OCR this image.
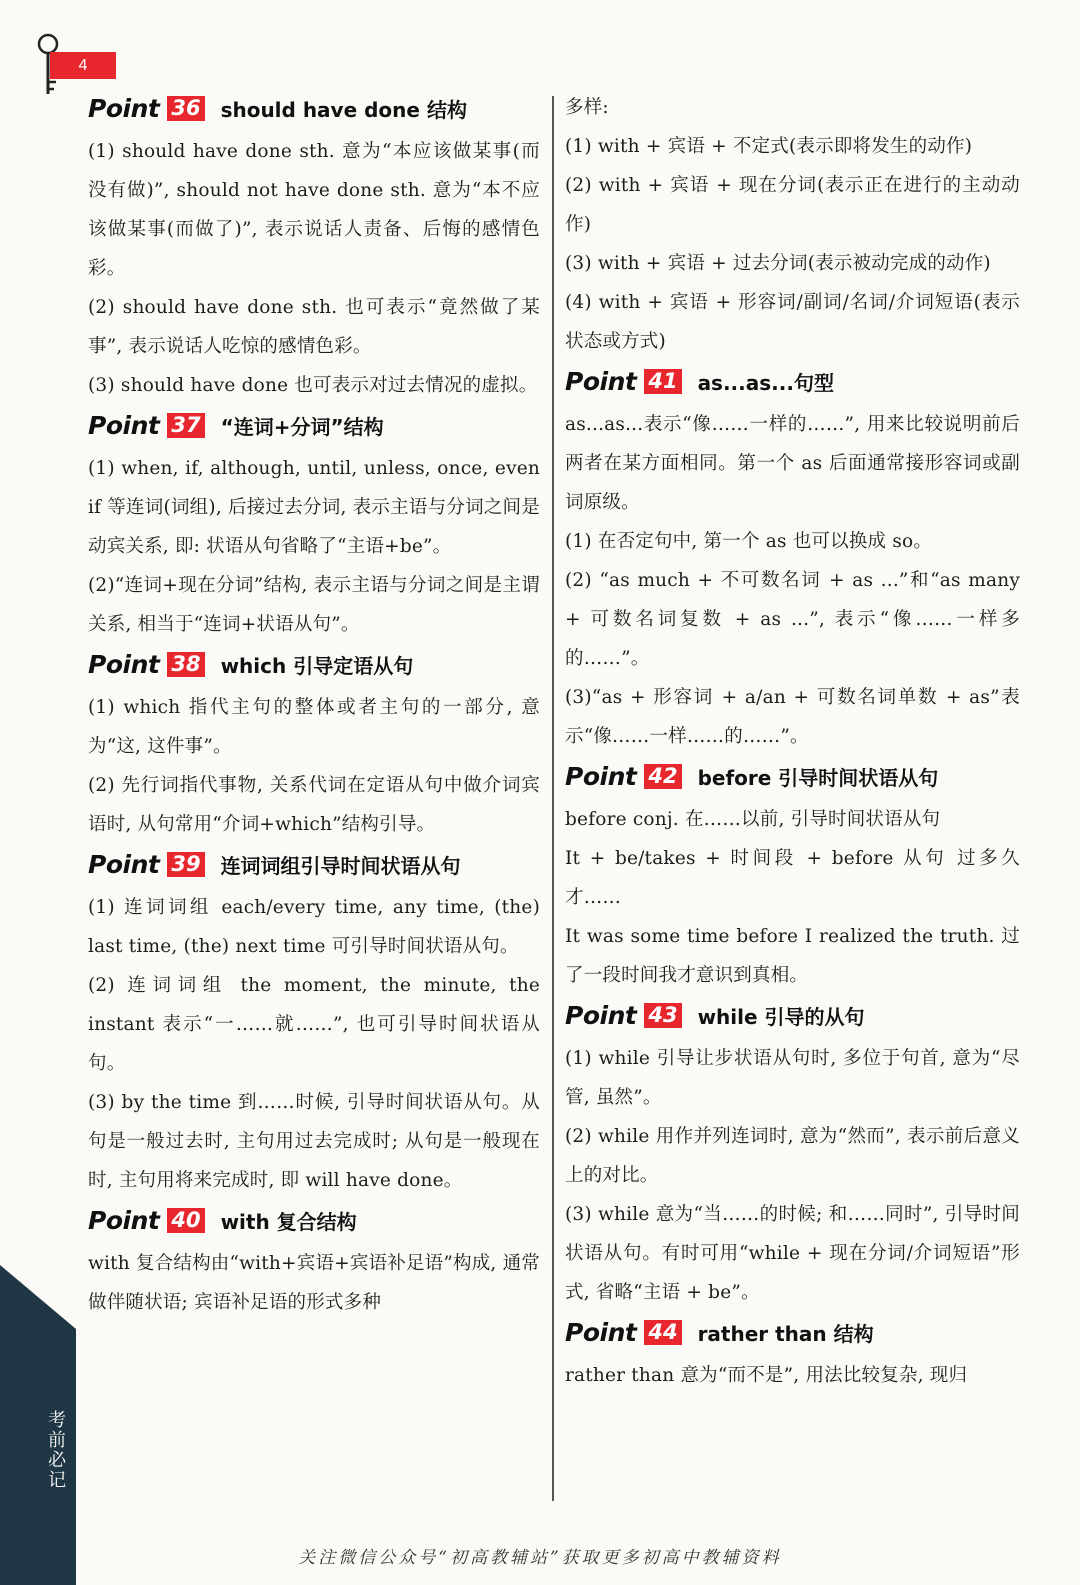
4
Point 36 should have done 结构

(1) should have done sth. 意为“本应该做某事(而没有做)”, should not have done sth. 意为“本不应该做某事(而做了)”, 表示说话人责备、后悔的感情色彩。

(2) should have done sth. 也可表示“竟然做了某事”, 表示说话人吃惊的感情色彩。

(3) should have done 也可表示对过去情况的虚拟。

Point 37 “连词+分词”结构

(1) when, if, although, until, unless, once, even if 等连词(词组), 后接过去分词, 表示主语与分词之间是动宾关系, 即: 状语从句省略了“主语+be”。

(2)“连词+现在分词”结构, 表示主语与分词之间是主谓关系, 相当于“连词+状语从句”。

Point 38 which 引导定语从句

(1) which 指代主句的整体或者主句的一部分, 意为“这, 这件事”。

(2) 先行词指代事物, 关系代词在定语从句中做介词宾语时, 从句常用“介词+which”结构引导。

Point 39 连词词组引导时间状语从句

(1) 连词词组 each/every time, any time, (the) last time, (the) next time 可引导时间状语从句。

(2) 连词词组 the moment, the minute, the instant 表示“一……就……”, 也可引导时间状语从句。

(3) by the time 到……时候, 引导时间状语从句。从句是一般过去时, 主句用过去完成时; 从句是一般现在时, 主句用将来完成时, 即 will have done。

Point 40 with 复合结构

with 复合结构由“with+宾语+宾语补足语”构成, 通常做伴随状语; 宾语补足语的形式多种

多样:

(1) with + 宾语 + 不定式(表示即将发生的动作)

(2) with + 宾语 + 现在分词(表示正在进行的主动动作)

(3) with + 宾语 + 过去分词(表示被动完成的动作)

(4) with + 宾语 + 形容词/副词/名词/介词短语(表示状态或方式)

Point 41 as...as...句型

as...as...表示“像……一样的……”, 用来比较说明前后两者在某方面相同。第一个 as 后面通常接形容词或副词原级。

(1) 在否定句中, 第一个 as 也可以换成 so。

(2) “as much + 不可数名词 + as ...”和“as many + 可数名词复数 + as ...”, 表示“像……一样多的……”。

(3)“as + 形容词 + a/an + 可数名词单数 + as”表示“像……一样……的……”。

Point 42 before 引导时间状语从句

before conj. 在……以前, 引导时间状语从句

It + be/takes + 时间段 + before 从句 过多久才……

It was some time before I realized the truth. 过了一段时间我才意识到真相。

Point 43 while 引导的从句

(1) while 引导让步状语从句时, 多位于句首, 意为“尽管, 虽然”。

(2) while 用作并列连词时, 意为“然而”, 表示前后意义上的对比。

(3) while 意为“当……的时候; 和……同时”, 引导时间状语从句。有时可用“while + 现在分词/介词短语”形式, 省略“主语 + be”。

Point 44 rather than 结构

rather than 意为“而不是”, 用法比较复杂, 现归

考前必记
关注微信公众号“初高教辅站”获取更多初高中教辅资料
